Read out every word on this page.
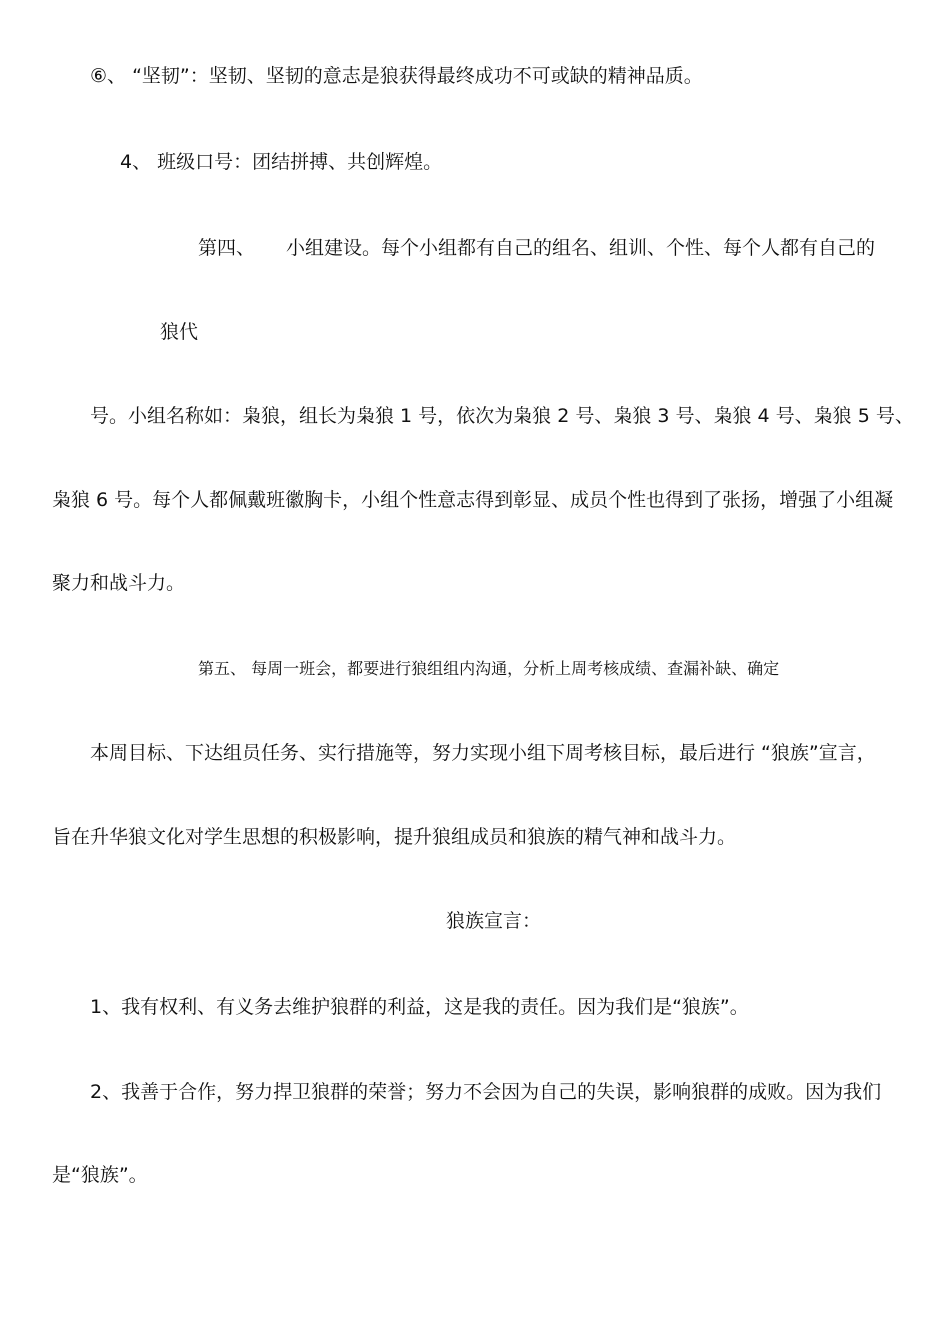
⑥、 “坚韧”：坚韧、坚韧的意志是狼获得最终成功不可或缺的精神品质。
4、 班级口号：团结拼搏、共创辉煌。
第四、 小组建设。每个小组都有自己的组名、组训、个性、每个人都有自己的
狼代
号。小组名称如：枭狼，组长为枭狼 1 号，依次为枭狼 2 号、枭狼 3 号、枭狼 4 号、枭狼 5 号、
枭狼 6 号。每个人都佩戴班徽胸卡，小组个性意志得到彰显、成员个性也得到了张扬，增强了小组凝
聚力和战斗力。
第五、 每周一班会，都要进行狼组组内沟通，分析上周考核成绩、查漏补缺、确定
本周目标、下达组员任务、实行措施等，努力实现小组下周考核目标，最后进行 “狼族”宣言，
旨在升华狼文化对学生思想的积极影响，提升狼组成员和狼族的精气神和战斗力。
狼族宣言：
1、我有权利、有义务去维护狼群的利益，这是我的责任。因为我们是“狼族”。
2、我善于合作，努力捍卫狼群的荣誉；努力不会因为自己的失误，影响狼群的成败。因为我们
是“狼族”。
